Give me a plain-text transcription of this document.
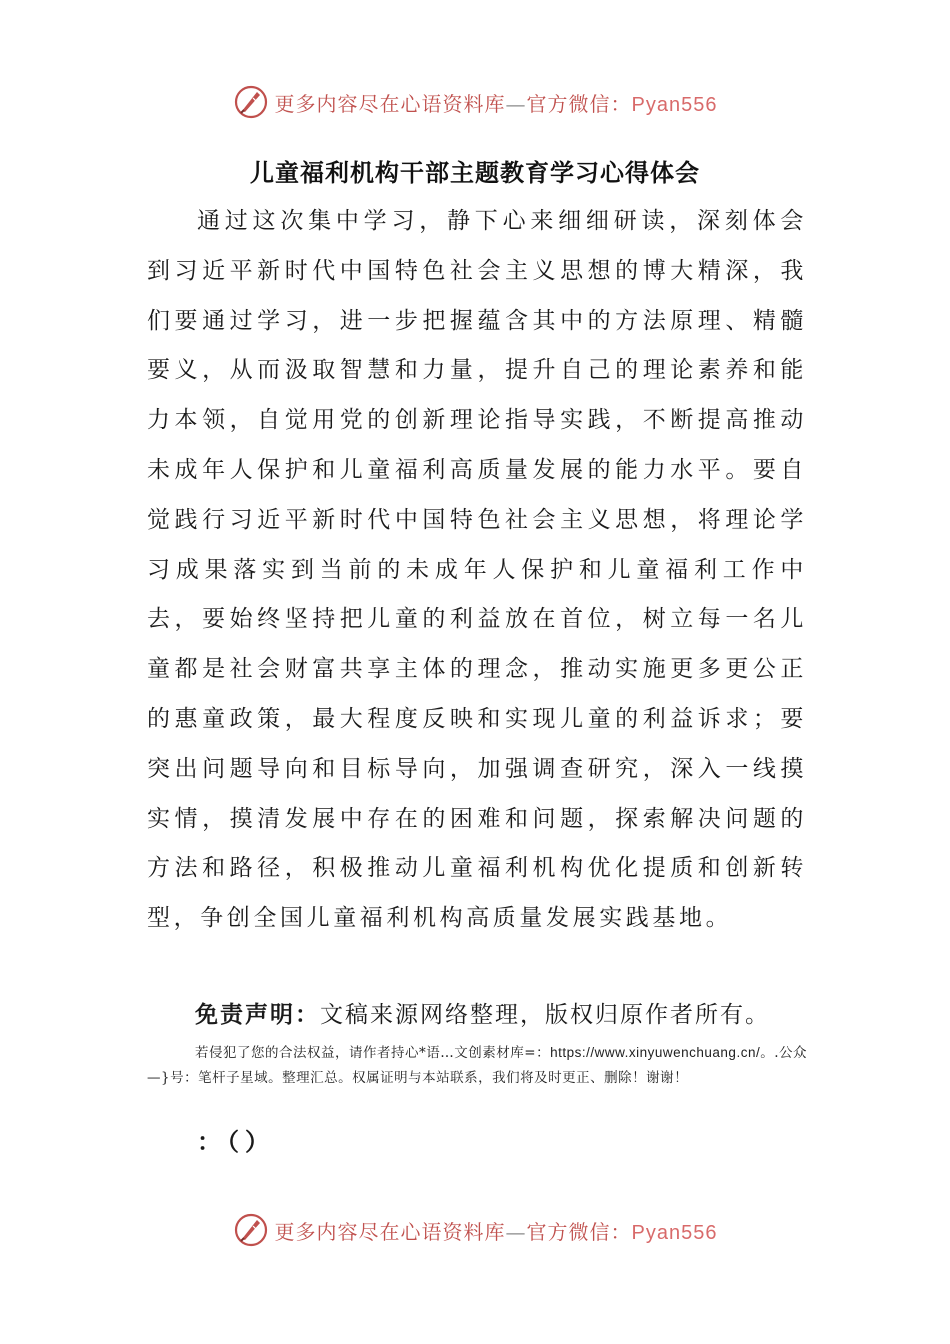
更多内容尽在心语资料库—官方微信：Pyan556
儿童福利机构干部主题教育学习心得体会

通过这次集中学习，静下心来细细研读，深刻体会到习近平新时代中国特色社会主义思想的博大精深，我们要通过学习，进一步把握蕴含其中的方法原理、精髓要义，从而汲取智慧和力量，提升自己的理论素养和能力本领，自觉用党的创新理论指导实践，不断提高推动未成年人保护和儿童福利高质量发展的能力水平。要自觉践行习近平新时代中国特色社会主义思想，将理论学习成果落实到当前的未成年人保护和儿童福利工作中去，要始终坚持把儿童的利益放在首位，树立每一名儿童都是社会财富共享主体的理念，推动实施更多更公正的惠童政策，最大程度反映和实现儿童的利益诉求；要突出问题导向和目标导向，加强调查研究，深入一线摸实情，摸清发展中存在的困难和问题，探索解决问题的方法和路径，积极推动儿童福利机构优化提质和创新转型，争创全国儿童福利机构高质量发展实践基地。

免责声明：文稿来源网络整理，版权归原作者所有。

若侵犯了您的合法权益，请作者持心*语…文创素材库=：https://www.xinyuwenchuang.cn/。.公众—}号：笔杆子星域。整理汇总。权属证明与本站联系，我们将及时更正、删除！谢谢！

：（）
更多内容尽在心语资料库—官方微信：Pyan556
